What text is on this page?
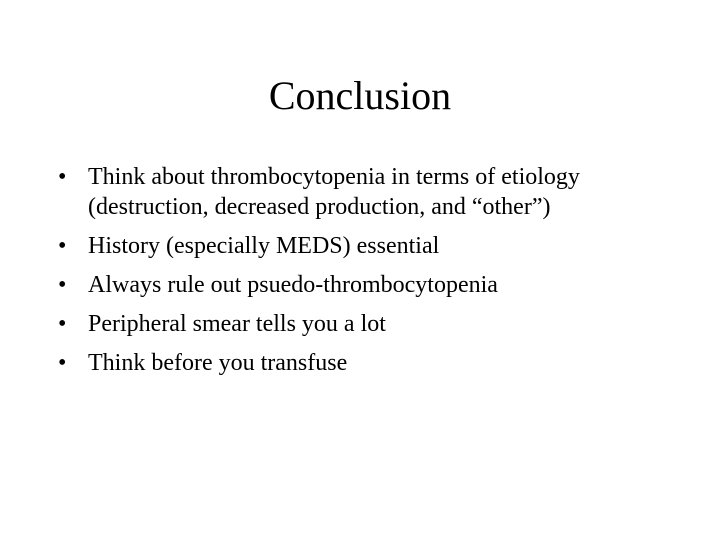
Conclusion
• Think about thrombocytopenia in terms of etiology (destruction, decreased production, and “other”)
• History (especially MEDS) essential
• Always rule out psuedo-thrombocytopenia
• Peripheral smear tells you a lot
• Think before you transfuse
